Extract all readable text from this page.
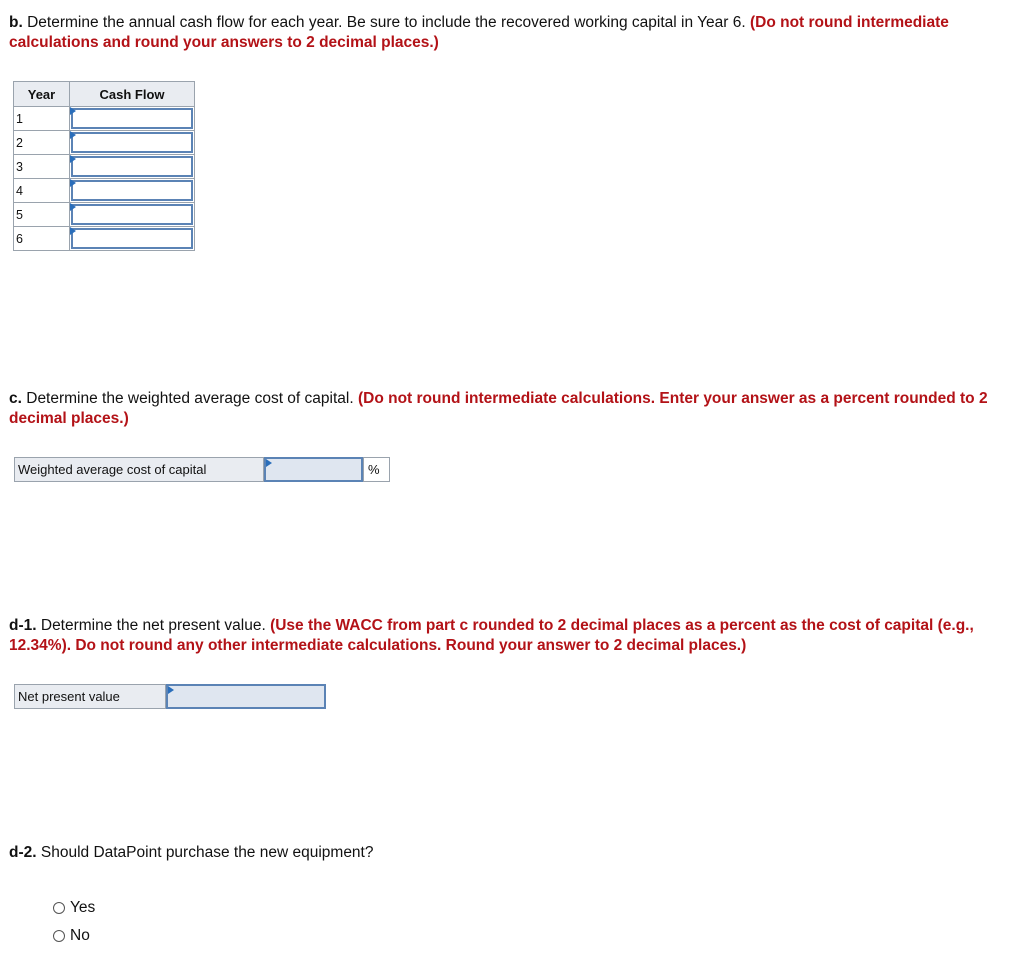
b. Determine the annual cash flow for each year. Be sure to include the recovered working capital in Year 6. (Do not round intermediate calculations and round your answers to 2 decimal places.)
Year	Cash Flow
1	

2	

3	

4	

5	

6	
c. Determine the weighted average cost of capital. (Do not round intermediate calculations. Enter your answer as a percent rounded to 2 decimal places.)
Weighted average cost of capital	%
d-1. Determine the net present value. (Use the WACC from part c rounded to 2 decimal places as a percent as the cost of capital (e.g., 12.34%). Do not round any other intermediate calculations. Round your answer to 2 decimal places.)
Net present value
d-2. Should DataPoint purchase the new equipment?
Yes
No
